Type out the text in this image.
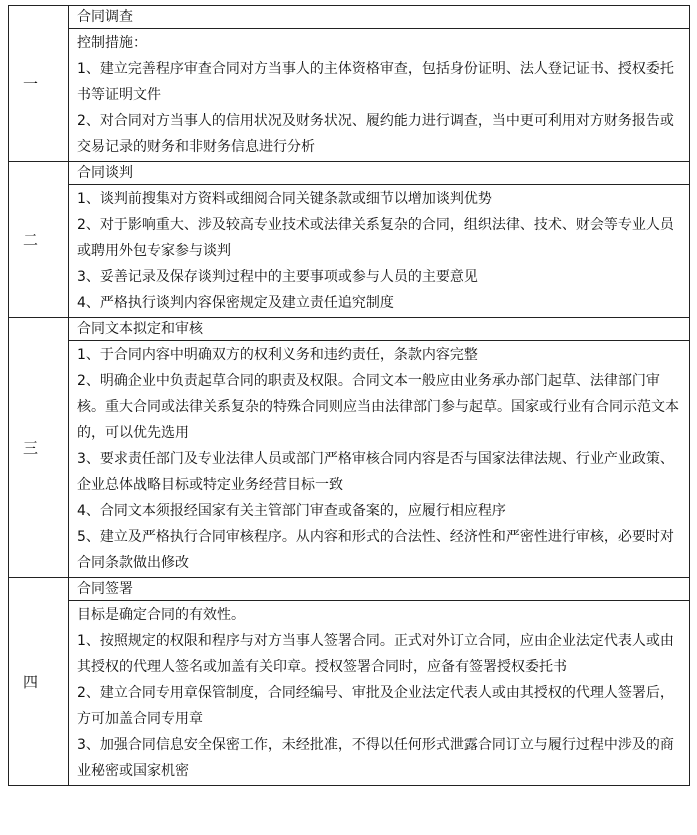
一	合同调查

	控制措施：

1、建立完善程序审查合同对方当事人的主体资格审查，包括身份证明、法人登记证书、授权委托书等证明文件

2、对合同对方当事人的信用状况及财务状况、履约能力进行调查，当中更可利用对方财务报告或交易记录的财务和非财务信息进行分析

二	合同谈判

	1、谈判前搜集对方资料或细阅合同关键条款或细节以增加谈判优势

2、对于影响重大、涉及较高专业技术或法律关系复杂的合同，组织法律、技术、财会等专业人员或聘用外包专家参与谈判

3、妥善记录及保存谈判过程中的主要事项或参与人员的主要意见

4、严格执行谈判内容保密规定及建立责任追究制度

三	合同文本拟定和审核

	1、于合同内容中明确双方的权利义务和违约责任，条款内容完整

2、明确企业中负责起草合同的职责及权限。合同文本一般应由业务承办部门起草、法律部门审核。重大合同或法律关系复杂的特殊合同则应当由法律部门参与起草。国家或行业有合同示范文本的，可以优先选用

3、要求责任部门及专业法律人员或部门严格审核合同内容是否与国家法律法规、行业产业政策、企业总体战略目标或特定业务经营目标一致

4、合同文本须报经国家有关主管部门审查或备案的，应履行相应程序

5、建立及严格执行合同审核程序。从内容和形式的合法性、经济性和严密性进行审核，必要时对合同条款做出修改

四	合同签署

	目标是确定合同的有效性。

1、按照规定的权限和程序与对方当事人签署合同。正式对外订立合同，应由企业法定代表人或由其授权的代理人签名或加盖有关印章。授权签署合同时，应备有签署授权委托书

2、建立合同专用章保管制度，合同经编号、审批及企业法定代表人或由其授权的代理人签署后，方可加盖合同专用章

3、加强合同信息安全保密工作，未经批准，不得以任何形式泄露合同订立与履行过程中涉及的商业秘密或国家机密
